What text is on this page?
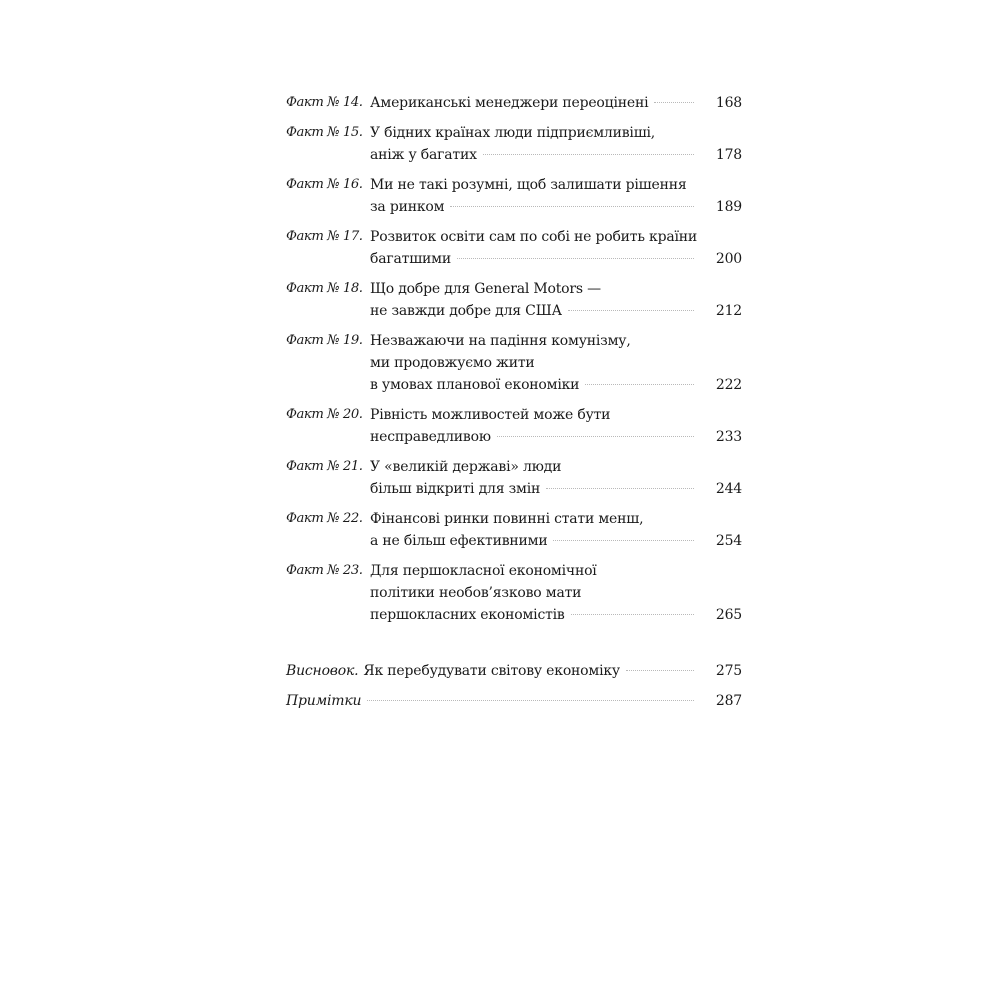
Факт № 14. Американські менеджери переоцінені	168
Факт № 15. У бідних країнах люди підприємливіші,
аніж у багатих	178
Факт № 16. Ми не такі розумні, щоб залишати рішення
за ринком	189
Факт № 17. Розвиток освіти сам по собі не робить країни
багатшими	200
Факт № 18. Що добре для General Motors —
не завжди добре для США	212
Факт № 19. Незважаючи на падіння комунізму,
ми продовжуємо жити
в умовах планової економіки	222
Факт № 20. Рівність можливостей може бути
несправедливою	233
Факт № 21. У «великій державі» люди
більш відкриті для змін	244
Факт № 22. Фінансові ринки повинні стати менш,
а не більш ефективними	254
Факт № 23. Для першокласної економічної
політики необов’язково мати
першокласних економістів	265
Висновок. Як перебудувати світову економіку	275
Примітки	287
